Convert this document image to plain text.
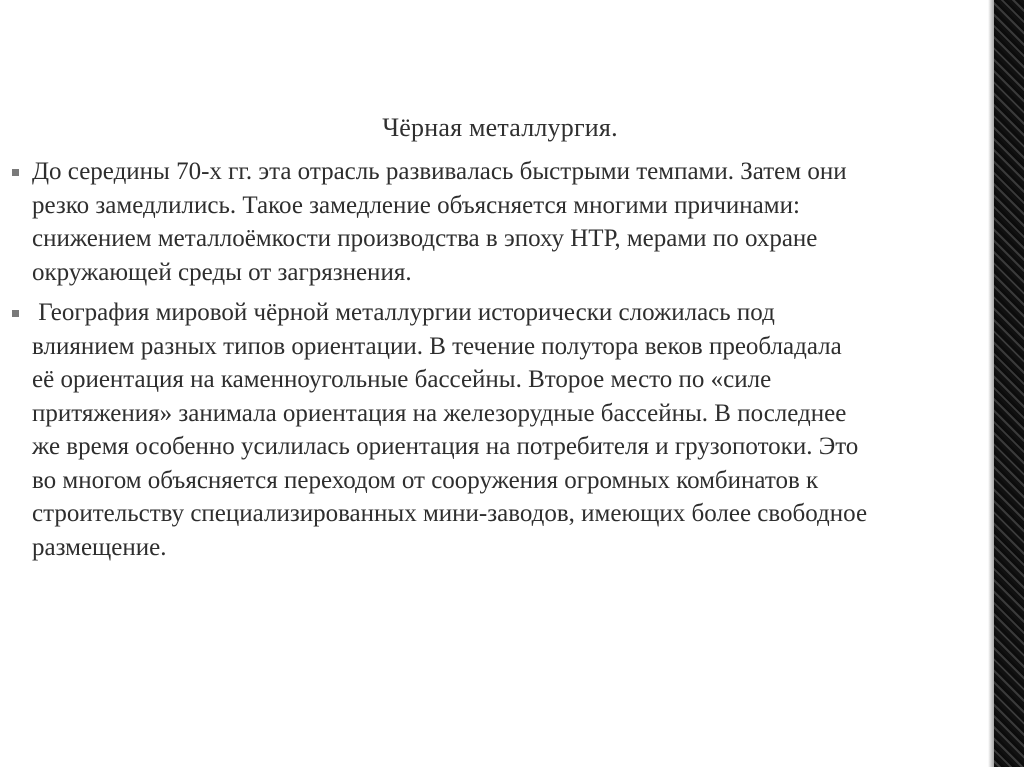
Чёрная металлургия.
До середины 70-х гг. эта отрасль развивалась быстрыми темпами. Затем они
резко замедлились. Такое замедление объясняется многими причинами:
снижением металлоёмкости производства в эпоху НТР, мерами по охране
окружающей среды от загрязнения.
География мировой чёрной металлургии исторически сложилась под
влиянием разных типов ориентации. В течение полутора веков преобладала
её ориентация на каменноугольные бассейны. Второе место по «силе
притяжения» занимала ориентация на железорудные бассейны. В последнее
же время особенно усилилась ориентация на потребителя и грузопотоки. Это
во многом объясняется переходом от сооружения огромных комбинатов к
строительству специализированных мини-заводов, имеющих более свободное
размещение.
